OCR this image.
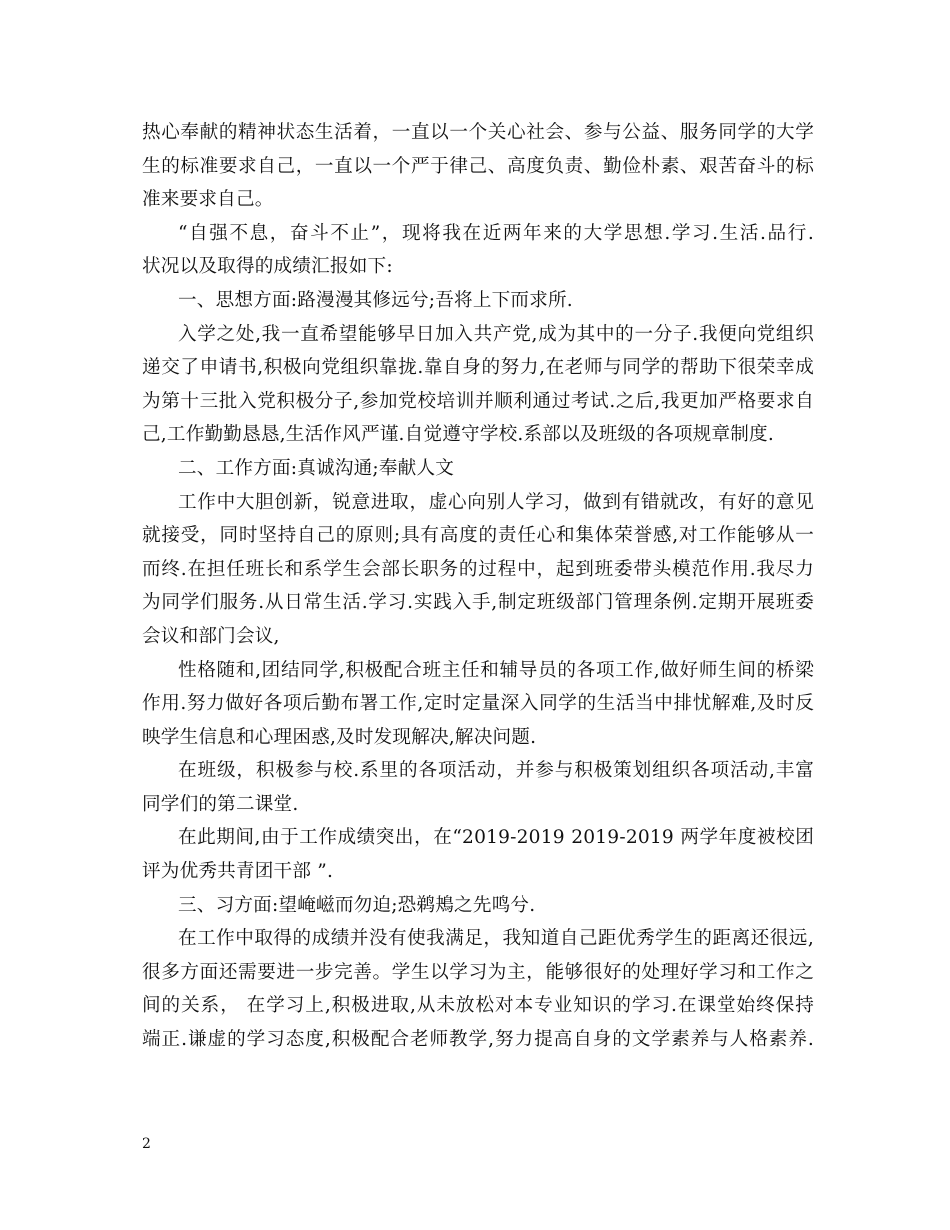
热心奉献的精神状态生活着，一直以一个关心社会、参与公益、服务同学的大学
生的标准要求自己，一直以一个严于律己、高度负责、勤俭朴素、艰苦奋斗的标
准来要求自己。
“自强不息，奋斗不止”，现将我在近两年来的大学思想.学习.生活.品行.
状况以及取得的成绩汇报如下:
一、思想方面:路漫漫其修远兮;吾将上下而求所.
入学之处,我一直希望能够早日加入共产党,成为其中的一分子.我便向党组织
递交了申请书,积极向党组织靠拢.靠自身的努力,在老师与同学的帮助下很荣幸成
为第十三批入党积极分子,参加党校培训并顺利通过考试.之后,我更加严格要求自
己,工作勤勤恳恳,生活作风严谨.自觉遵守学校.系部以及班级的各项规章制度.
二、工作方面:真诚沟通;奉献人文
工作中大胆创新，锐意进取，虚心向别人学习，做到有错就改，有好的意见
就接受，同时坚持自己的原则;具有高度的责任心和集体荣誉感,对工作能够从一
而终.在担任班长和系学生会部长职务的过程中，起到班委带头模范作用.我尽力
为同学们服务.从日常生活.学习.实践入手,制定班级部门管理条例.定期开展班委
会议和部门会议,
性格随和,团结同学,积极配合班主任和辅导员的各项工作,做好师生间的桥梁
作用.努力做好各项后勤布署工作,定时定量深入同学的生活当中排忧解难,及时反
映学生信息和心理困惑,及时发现解决,解决问题.
在班级，积极参与校.系里的各项活动，并参与积极策划组织各项活动,丰富
同学们的第二课堂.
在此期间,由于工作成绩突出，在“2019-2019 2019-2019 两学年度被校团
评为优秀共青团干部 ”.
三、习方面:望崦嵫而勿迫;恐鹈鴂之先鸣兮.
在工作中取得的成绩并没有使我满足，我知道自己距优秀学生的距离还很远,
很多方面还需要进一步完善。学生以学习为主，能够很好的处理好学习和工作之
间的关系， 在学习上,积极进取,从未放松对本专业知识的学习.在课堂始终保持
端正.谦虚的学习态度,积极配合老师教学,努力提高自身的文学素养与人格素养.
2
